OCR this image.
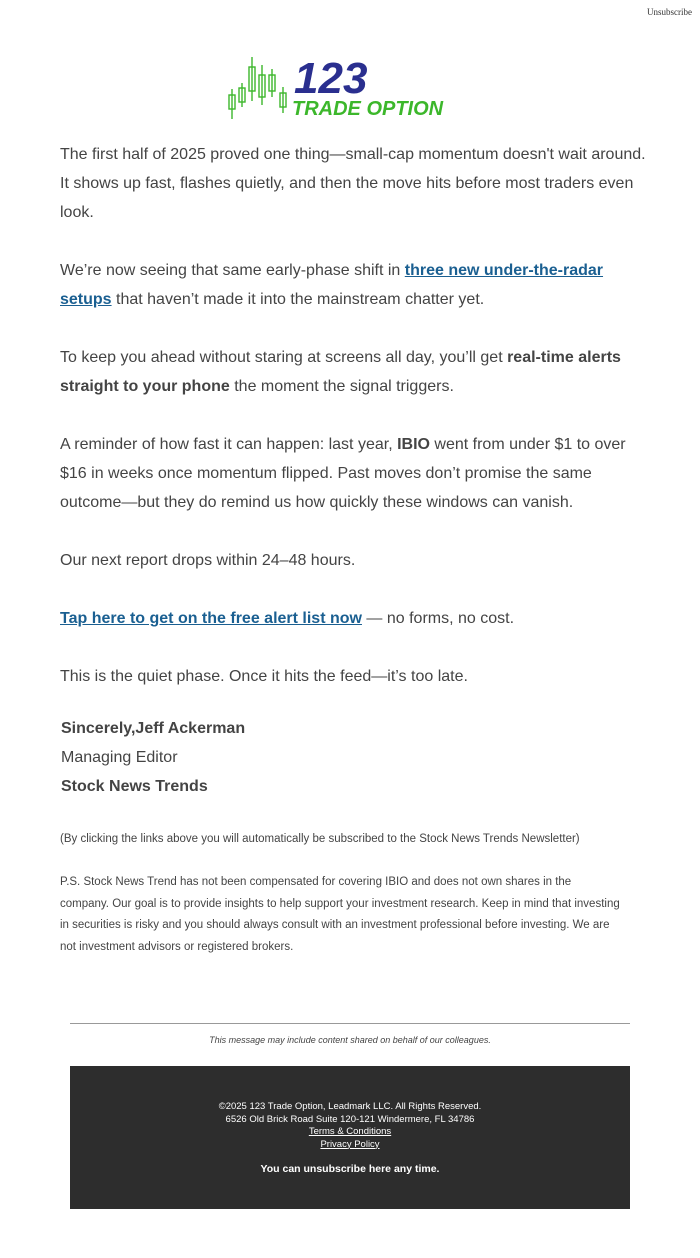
Unsubscribe
123
TRADE OPTION

The first half of 2025 proved one thing—small-cap momentum doesn't wait around. It shows up fast, flashes quietly, and then the move hits before most traders even look.

We’re now seeing that same early-phase shift in three new under-the-radar setups that haven’t made it into the mainstream chatter yet.

To keep you ahead without staring at screens all day, you’ll get real-time alerts straight to your phone the moment the signal triggers.

A reminder of how fast it can happen: last year, IBIO went from under $1 to over $16 in weeks once momentum flipped. Past moves don’t promise the same outcome—but they do remind us how quickly these windows can vanish.

Our next report drops within 24–48 hours.

Tap here to get on the free alert list now — no forms, no cost.

This is the quiet phase. Once it hits the feed—it’s too late.

Sincerely,Jeff Ackerman
Managing Editor
Stock News Trends
(By clicking the links above you will automatically be subscribed to the Stock News Trends Newsletter)
P.S. Stock News Trend has not been compensated for covering IBIO and does not own shares in the company. Our goal is to provide insights to help support your investment research. Keep in mind that investing in securities is risky and you should always consult with an investment professional before investing. We are not investment advisors or registered brokers.
This message may include content shared on behalf of our colleagues.
©2025 123 Trade Option, Leadmark LLC. All Rights Reserved.
6526 Old Brick Road Suite 120-121 Windermere, FL 34786
Terms & Conditions
Privacy Policy
You can unsubscribe here any time.
